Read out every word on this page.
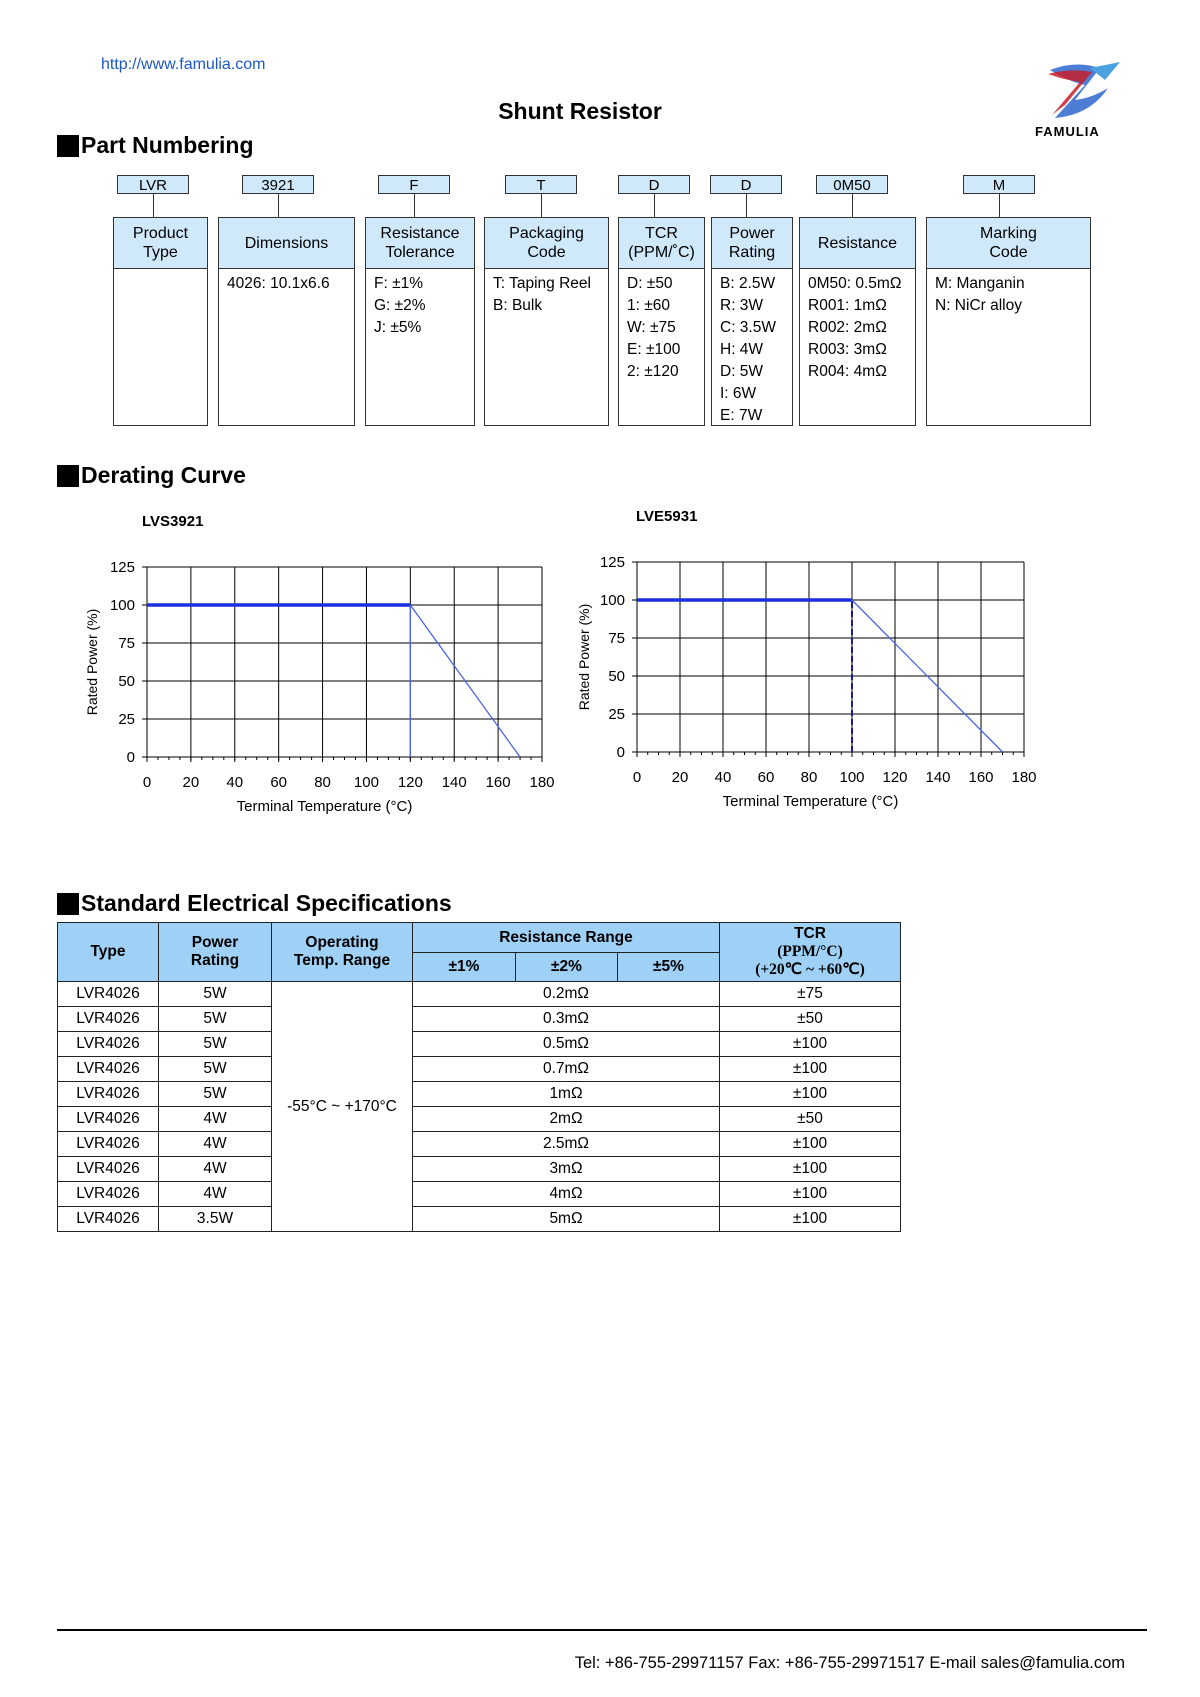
http://www.famulia.com
Shunt Resistor
FAMULIA
Part Numbering
LVR
Product
Type
3921
Dimensions
4026: 10.1x6.6
F
Resistance
Tolerance
F: ±1%
G: ±2%
J: ±5%
T
Packaging
Code
T: Taping Reel
B: Bulk
D
TCR
(PPM/˚C)
D: ±50
1: ±60
W: ±75
E: ±100
2: ±120
D
Power
Rating
B: 2.5W
R: 3W
C: 3.5W
H: 4W
D: 5W
I: 6W
E: 7W
0M50
Resistance
0M50: 0.5mΩ
R001: 1mΩ
R002: 2mΩ
R003: 3mΩ
R004: 4mΩ
M
Marking
Code
M: Manganin
N: NiCr alloy
Derating Curve
LVS3921
0
25
50
75
100
125
0 20 40 60 80 100 120 140 160 180
Terminal Temperature (°C)
Rated Power (%)
LVE5931
0
25
50
75
100
125
0 20 40 60 80 100 120 140 160 180
Terminal Temperature (°C)
Rated Power (%)
Standard Electrical Specifications
Type	Power
Rating	Operating
Temp. Range	Resistance Range			TCR
(PPM/°C)
(+20℃ ~ +60℃)
			±1%	±2%	±5%	
LVR4026	5W	-55°C ~ +170°C	0.2mΩ			±75
LVR4026	5W		0.3mΩ			±50
LVR4026	5W		0.5mΩ			±100
LVR4026	5W		0.7mΩ			±100
LVR4026	5W		1mΩ			±100
LVR4026	4W		2mΩ			±50
LVR4026	4W		2.5mΩ			±100
LVR4026	4W		3mΩ			±100
LVR4026	4W		4mΩ			±100
LVR4026	3.5W		5mΩ			±100
Tel: +86-755-29971157 Fax: +86-755-29971517 E-mail sales@famulia.com
